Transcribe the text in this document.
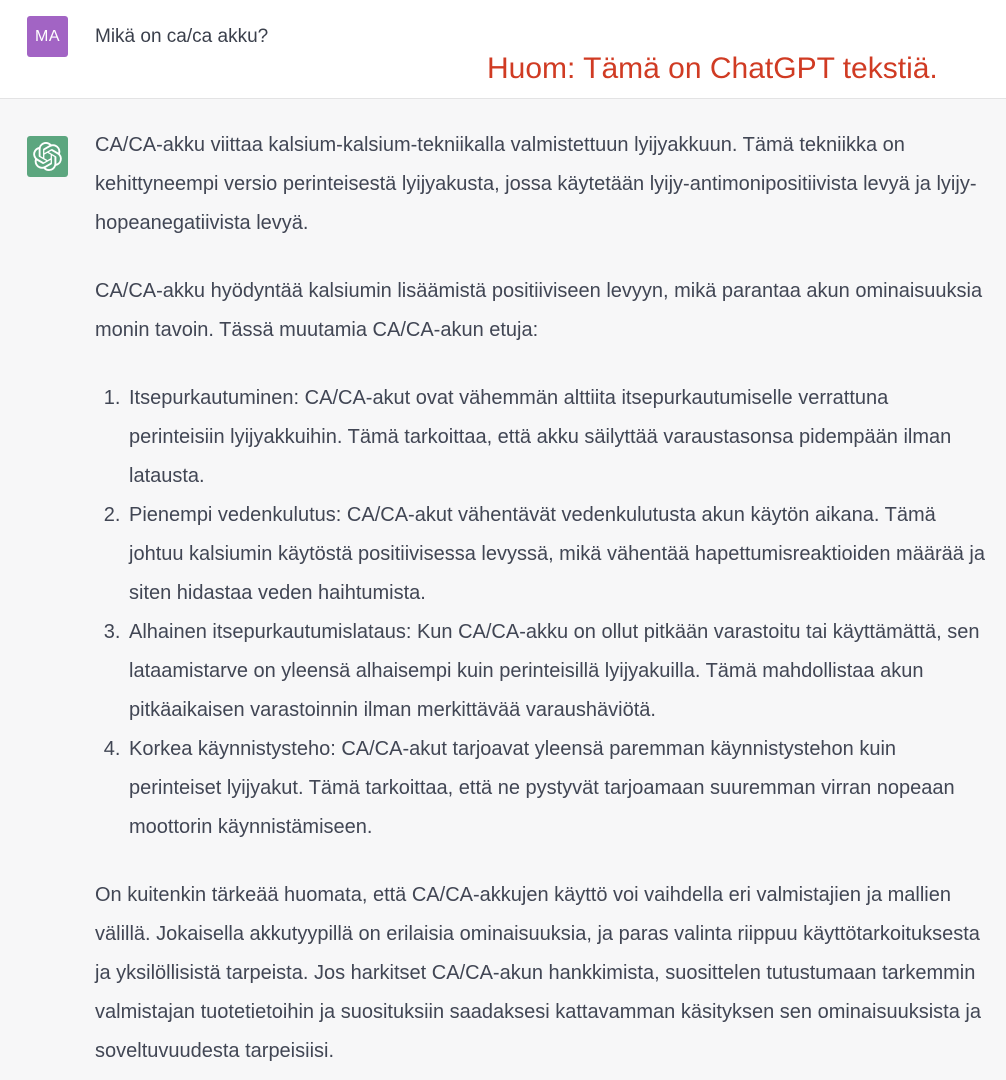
MA	Mikä on ca/ca akku?

Huom: Tämä on ChatGPT tekstiä.

CA/CA-akku viittaa kalsium-kalsium-tekniikalla valmistettuun lyijyakkuun. Tämä tekniikka on kehittyneempi versio perinteisestä lyijyakusta, jossa käytetään lyijy-antimonipositiivista levyä ja lyijy-hopeanegatiivista levyä.

CA/CA-akku hyödyntää kalsiumin lisäämistä positiiviseen levyyn, mikä parantaa akun ominaisuuksia monin tavoin. Tässä muutamia CA/CA-akun etuja:

1. Itsepurkautuminen: CA/CA-akut ovat vähemmän alttiita itsepurkautumiselle verrattuna perinteisiin lyijyakkuihin. Tämä tarkoittaa, että akku säilyttää varaustasonsa pidempään ilman latausta.
2. Pienempi vedenkulutus: CA/CA-akut vähentävät vedenkulutusta akun käytön aikana. Tämä johtuu kalsiumin käytöstä positiivisessa levyssä, mikä vähentää hapettumisreaktioiden määrää ja siten hidastaa veden haihtumista.
3. Alhainen itsepurkautumislataus: Kun CA/CA-akku on ollut pitkään varastoitu tai käyttämättä, sen lataamistarve on yleensä alhaisempi kuin perinteisillä lyijyakuilla. Tämä mahdollistaa akun pitkäaikaisen varastoinnin ilman merkittävää varaushäviötä.
4. Korkea käynnistysteho: CA/CA-akut tarjoavat yleensä paremman käynnistystehon kuin perinteiset lyijyakut. Tämä tarkoittaa, että ne pystyvät tarjoamaan suuremman virran nopeaan moottorin käynnistämiseen.

On kuitenkin tärkeää huomata, että CA/CA-akkujen käyttö voi vaihdella eri valmistajien ja mallien välillä. Jokaisella akkutyypillä on erilaisia ominaisuuksia, ja paras valinta riippuu käyttötarkoituksesta ja yksilöllisistä tarpeista. Jos harkitset CA/CA-akun hankkimista, suosittelen tutustumaan tarkemmin valmistajan tuotetietoihin ja suosituksiin saadaksesi kattavamman käsityksen sen ominaisuuksista ja soveltuvuudesta tarpeisiisi.
